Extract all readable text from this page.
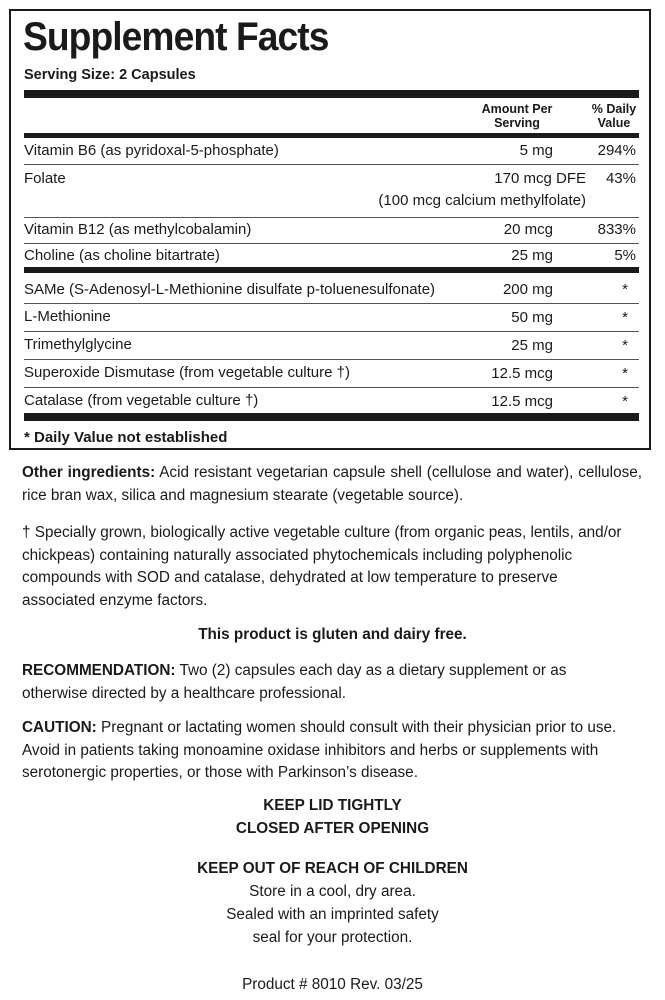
Supplement Facts
Serving Size: 2 Capsules
Amount Per
Serving
% Daily
Value
Vitamin B6 (as pyridoxal-5-phosphate)	5 mg	294%
Folate	170 mcg DFE	43%
(100 mcg calcium methylfolate)
Vitamin B12 (as methylcobalamin)	20 mcg	833%
Choline (as choline bitartrate)	25 mg	5%
SAMe (S-Adenosyl-L-Methionine disulfate p-toluenesulfonate)	200 mg	*
L-Methionine	50 mg	*
Trimethylglycine	25 mg	*
Superoxide Dismutase (from vegetable culture †)	12.5 mcg	*
Catalase (from vegetable culture †)	12.5 mcg	*
* Daily Value not established

Other ingredients: Acid resistant vegetarian capsule shell (cellulose and water), cellulose, rice bran wax, silica and magnesium stearate (vegetable source).

† Specially grown, biologically active vegetable culture (from organic peas, lentils, and/or chickpeas) containing naturally associated phytochemicals including polyphenolic compounds with SOD and catalase, dehydrated at low temperature to preserve associated enzyme factors.

This product is gluten and dairy free.

RECOMMENDATION: Two (2) capsules each day as a dietary supplement or as otherwise directed by a healthcare professional.

CAUTION: Pregnant or lactating women should consult with their physician prior to use. Avoid in patients taking monoamine oxidase inhibitors and herbs or supplements with serotonergic properties, or those with Parkinson’s disease.

KEEP LID TIGHTLY
CLOSED AFTER OPENING
KEEP OUT OF REACH OF CHILDREN
Store in a cool, dry area.
Sealed with an imprinted safety
seal for your protection.
Product # 8010 Rev. 03/25
